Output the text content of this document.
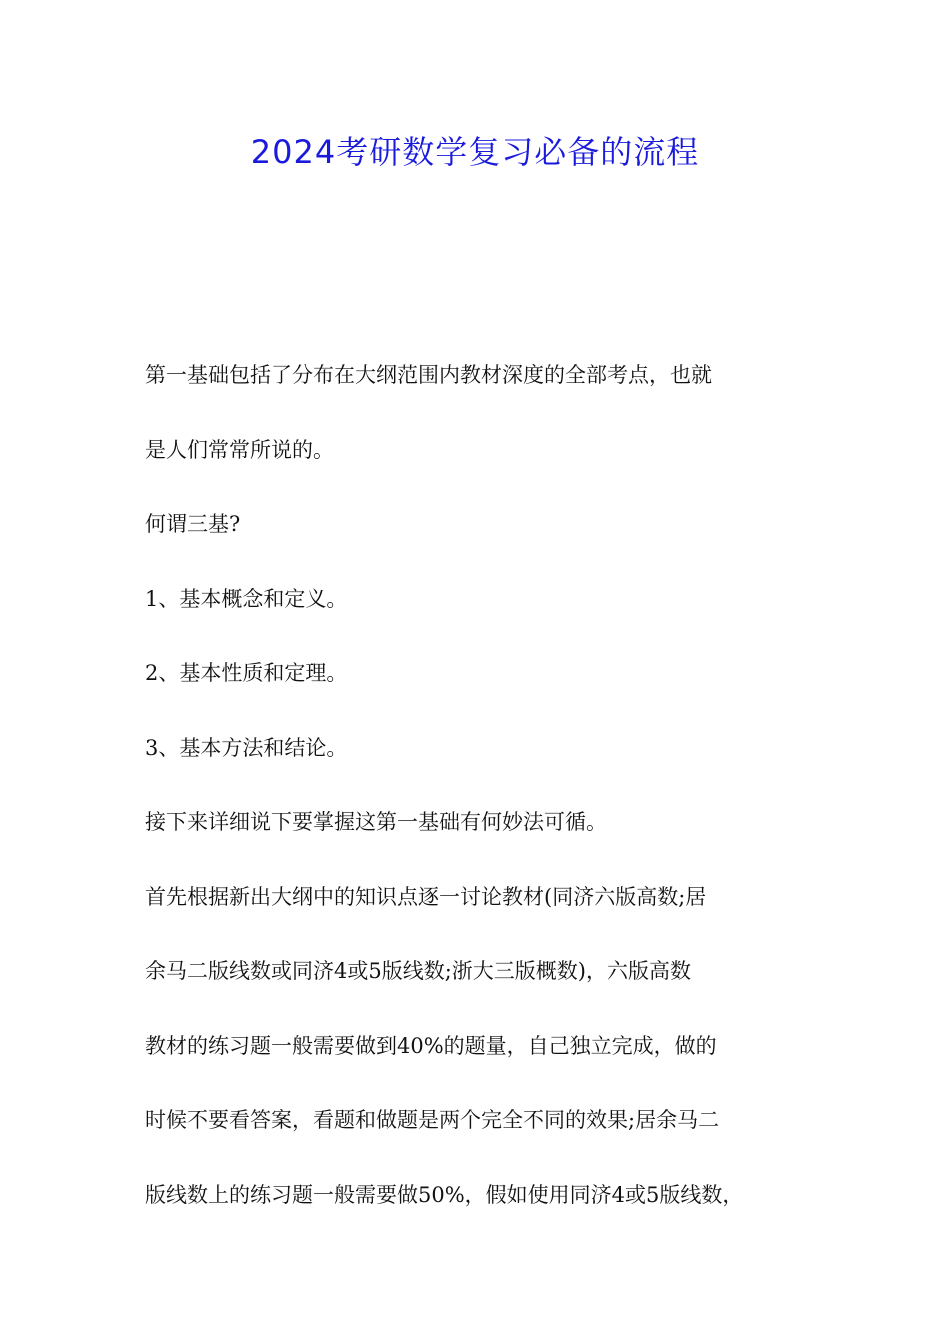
2024考研数学复习必备的流程
第一基础包括了分布在大纲范围内教材深度的全部考点，也就
是人们常常所说的。
何谓三基?
1、基本概念和定义。
2、基本性质和定理。
3、基本方法和结论。
接下来详细说下要掌握这第一基础有何妙法可循。
首先根据新出大纲中的知识点逐一讨论教材(同济六版高数;居
余马二版线数或同济4或5版线数;浙大三版概数)，六版高数
教材的练习题一般需要做到40%的题量，自己独立完成，做的
时候不要看答案，看题和做题是两个完全不同的效果;居余马二
版线数上的练习题一般需要做50%，假如使用同济4或5版线数，
